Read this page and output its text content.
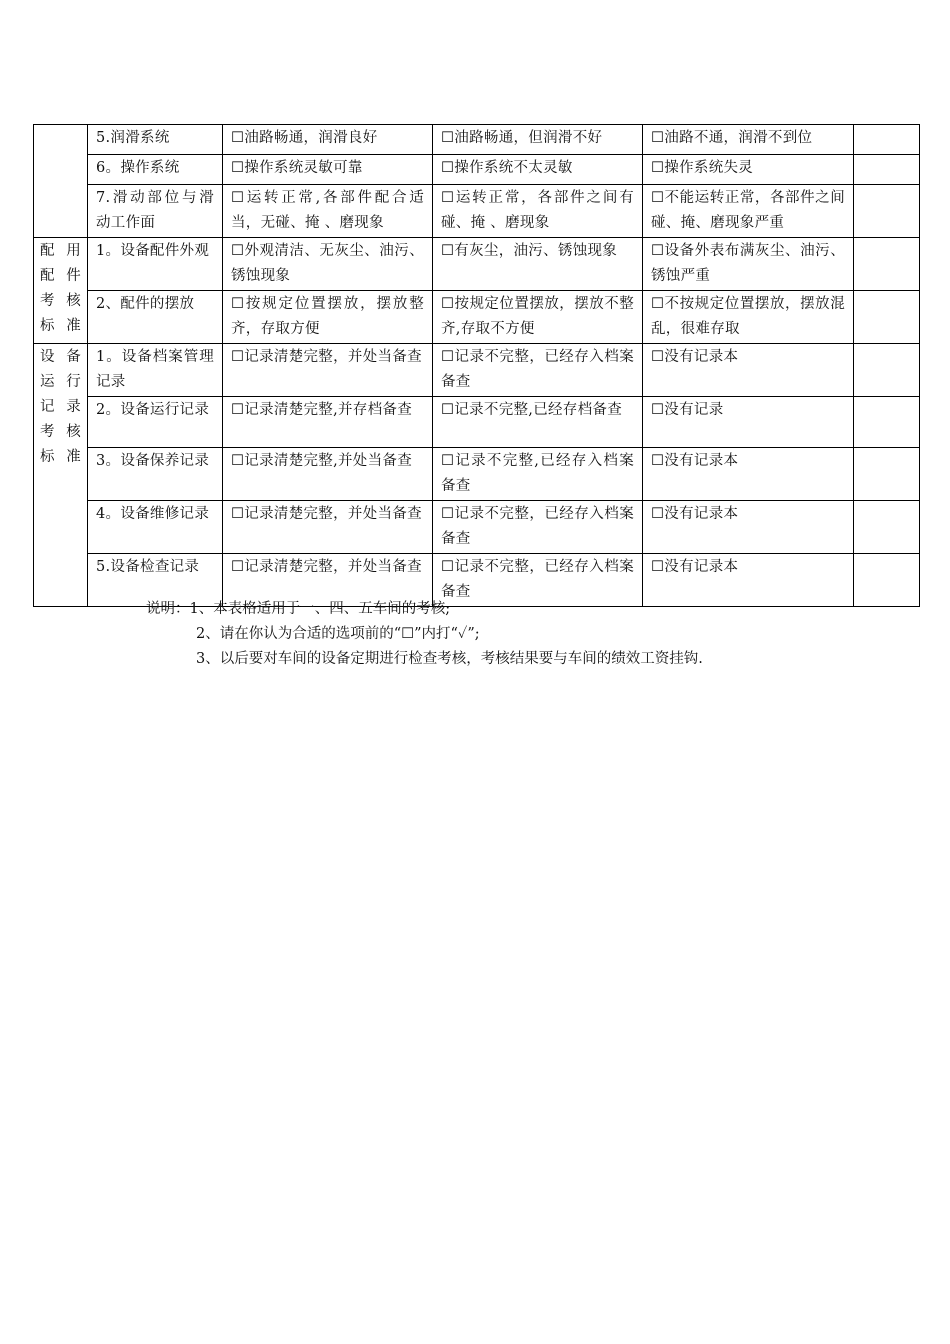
	5.润滑系统	☐油路畅通，润滑良好	☐油路畅通，但润滑不好	☐油路不通，润滑不到位	
	6。操作系统	☐操作系统灵敏可靠	☐操作系统不太灵敏	☐操作系统失灵	
	7.滑动部位与滑动工作面	☐运转正常,各部件配合适当，无碰、掩 、磨现象	☐运转正常，各部件之间有碰、掩 、磨现象	☐不能运转正常，各部件之间碰、掩、磨现象严重	

配用
配件
考核
标准	1。设备配件外观	☐外观清洁、无灰尘、油污、锈蚀现象	☐有灰尘，油污、锈蚀现象	☐设备外表布满灰尘、油污、锈蚀严重	
	2、配件的摆放	☐按规定位置摆放，摆放整齐，存取方便	☐按规定位置摆放，摆放不整齐,存取不方便	☐不按规定位置摆放，摆放混乱，很难存取	

设备
运行
记录
考核
标准	1。设备档案管理记录	☐记录清楚完整，并处当备查	☐记录不完整，已经存入档案备查	☐没有记录本	
	2。设备运行记录	☐记录清楚完整,并存档备查	☐记录不完整,已经存档备查	☐没有记录	
	3。设备保养记录	☐记录清楚完整,并处当备查	☐记录不完整,已经存入档案备查	☐没有记录本	
	4。设备维修记录	☐记录清楚完整，并处当备查	☐记录不完整，已经存入档案备查	☐没有记录本	
	5.设备检查记录	☐记录清楚完整，并处当备查	☐记录不完整，已经存入档案备查	☐没有记录本	
说明：1、本表格适用于一、四、五车间的考核;
2、请在你认为合适的选项前的“☐”内打“✓”;
3、以后要对车间的设备定期进行检查考核，考核结果要与车间的绩效工资挂钩.
